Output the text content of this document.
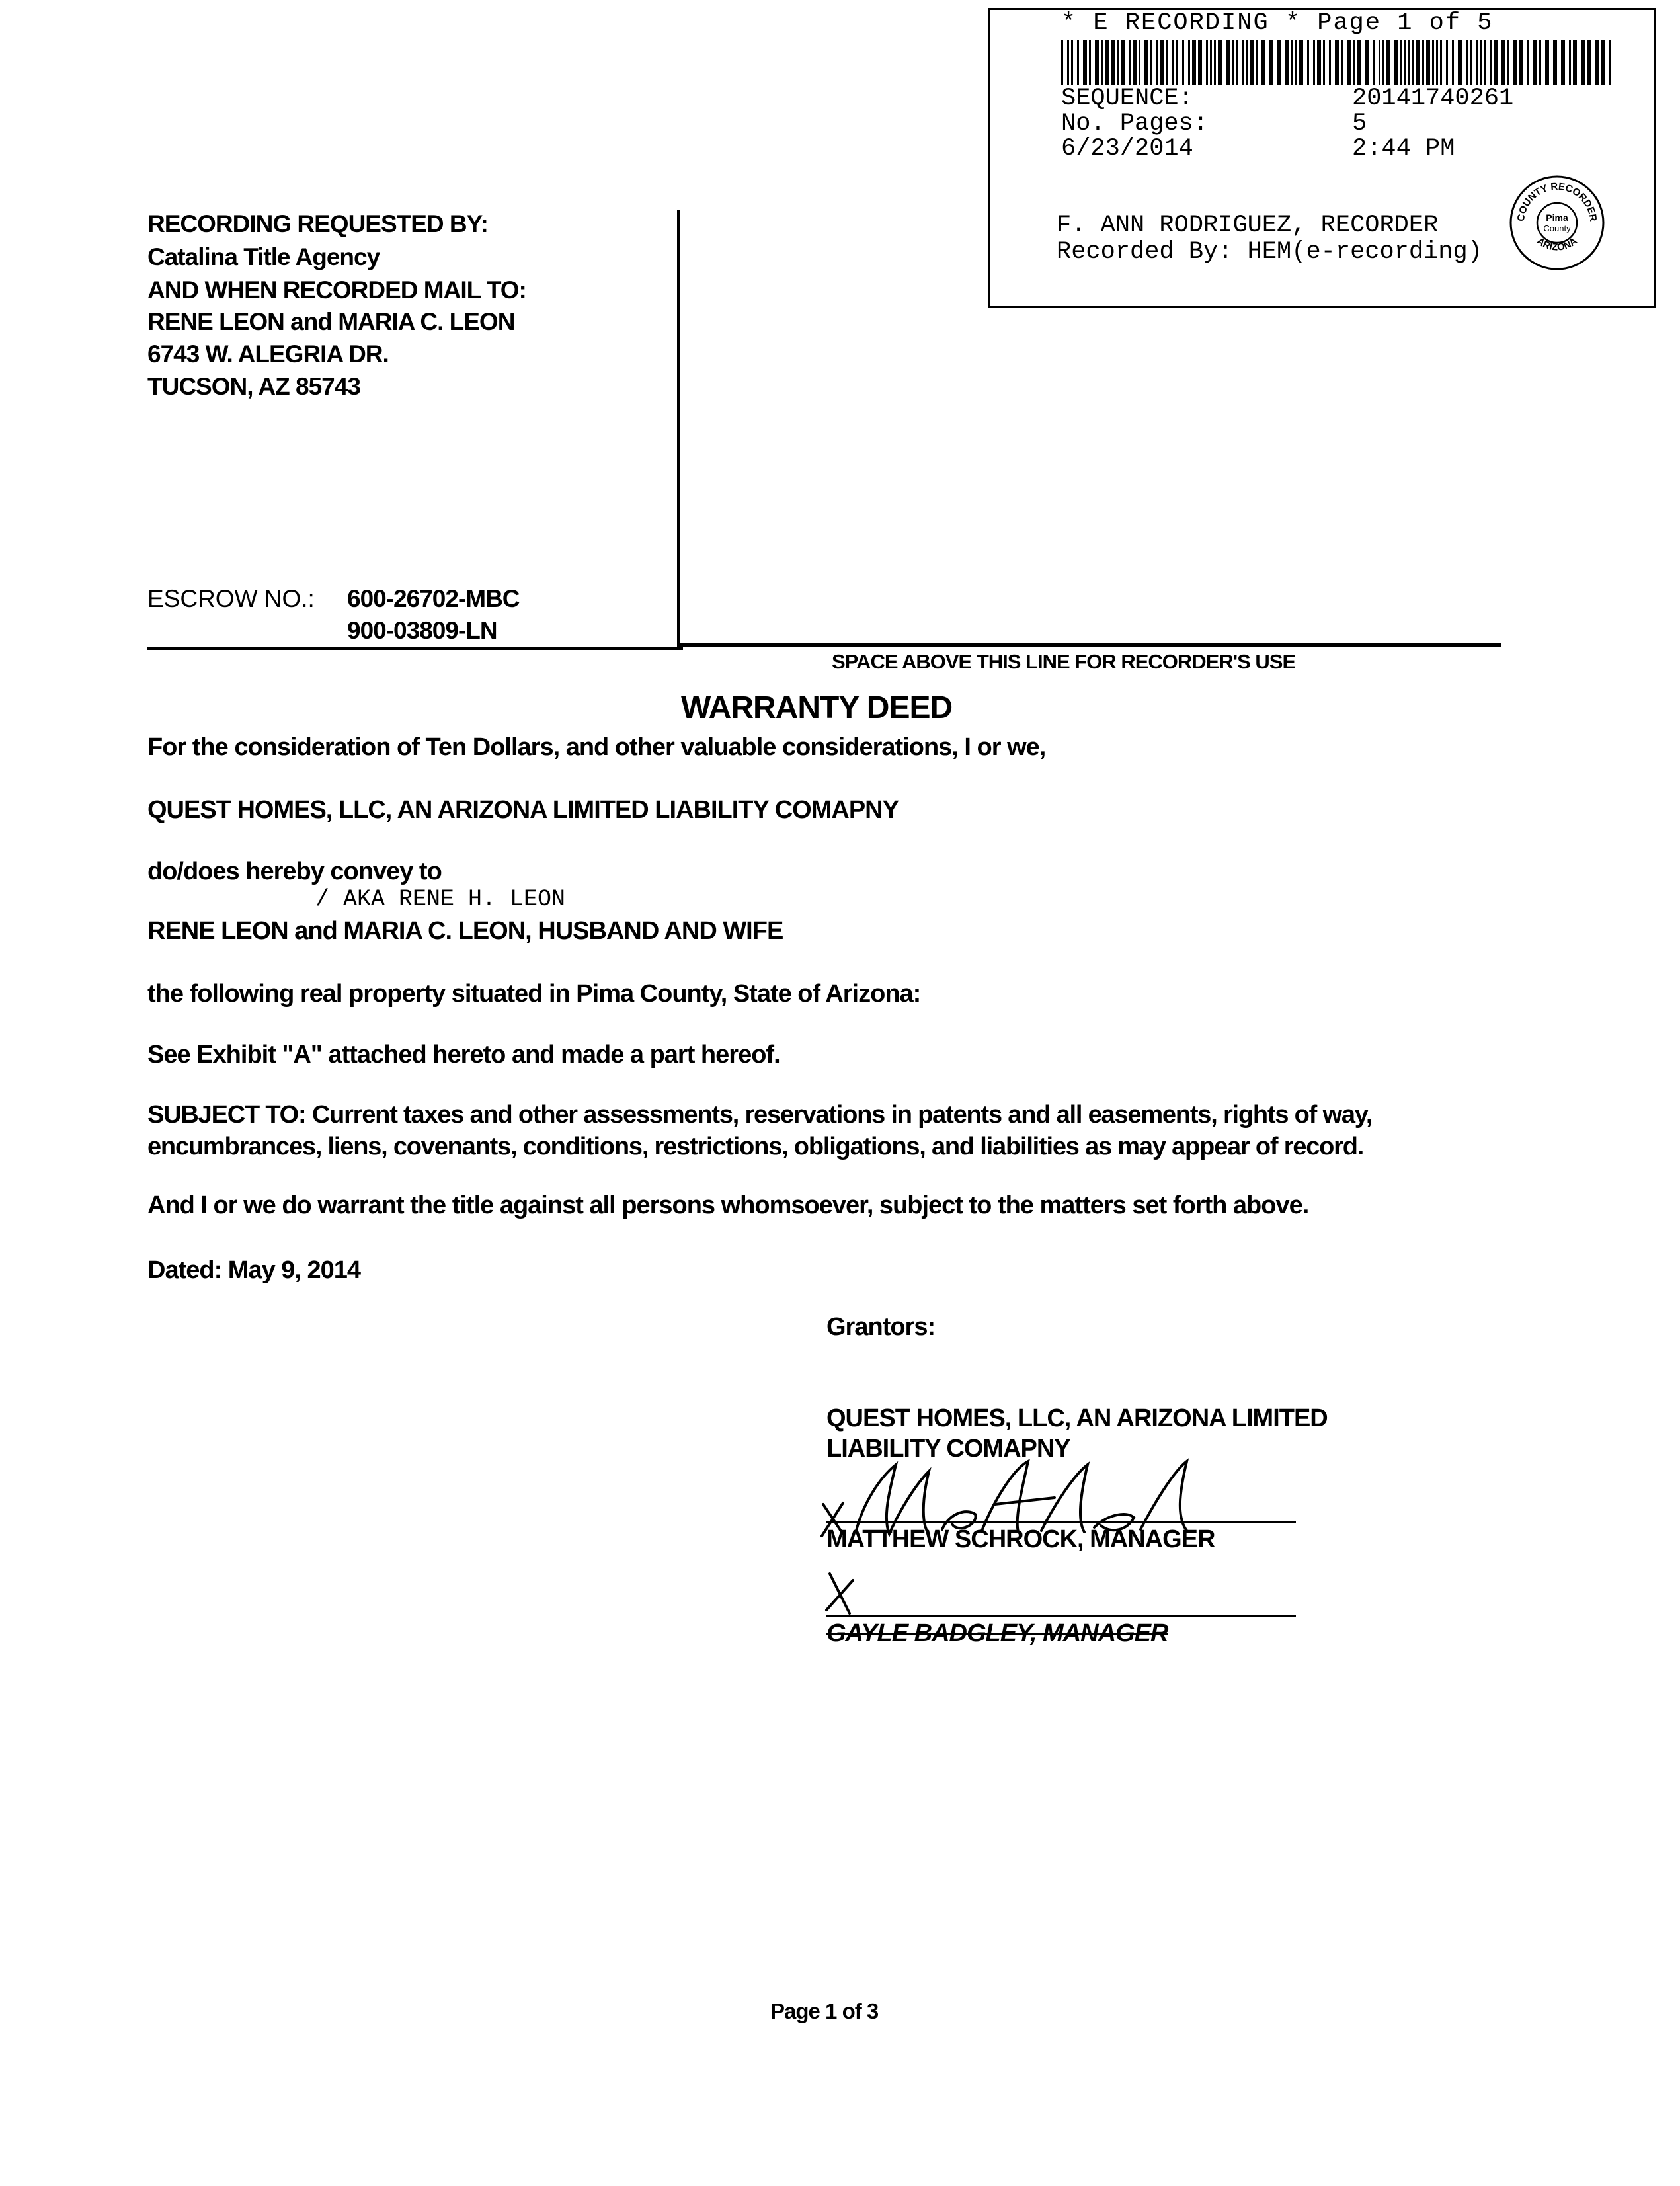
* E RECORDING * Page 1 of 5
SEQUENCE:	20141740261
No. Pages:	5
6/23/2014	2:44 PM
F. ANN RODRIGUEZ, RECORDER
Recorded By: HEM(e-recording)
COUNTY RECORDER
ARIZONA
Pima
County
RECORDING REQUESTED BY:
Catalina Title Agency
AND WHEN RECORDED MAIL TO:
RENE LEON and MARIA C. LEON
6743 W. ALEGRIA DR.
TUCSON, AZ 85743
ESCROW NO.: 600-26702-MBC
900-03809-LN
SPACE ABOVE THIS LINE FOR RECORDER'S USE
WARRANTY DEED
For the consideration of Ten Dollars, and other valuable considerations, I or we,
QUEST HOMES, LLC, AN ARIZONA LIMITED LIABILITY COMAPNY
do/does hereby convey to
/ AKA RENE H. LEON
RENE LEON and MARIA C. LEON, HUSBAND AND WIFE
the following real property situated in Pima County, State of Arizona:
See Exhibit "A" attached hereto and made a part hereof.
SUBJECT TO: Current taxes and other assessments, reservations in patents and all easements, rights of way, encumbrances, liens, covenants, conditions, restrictions, obligations, and liabilities as may appear of record.
And I or we do warrant the title against all persons whomsoever, subject to the matters set forth above.
Dated: May 9, 2014
Grantors:
QUEST HOMES, LLC, AN ARIZONA LIMITED
LIABILITY COMAPNY
MATTHEW SCHROCK, MANAGER
GAYLE BADGLEY, MANAGER
Page 1 of 3
